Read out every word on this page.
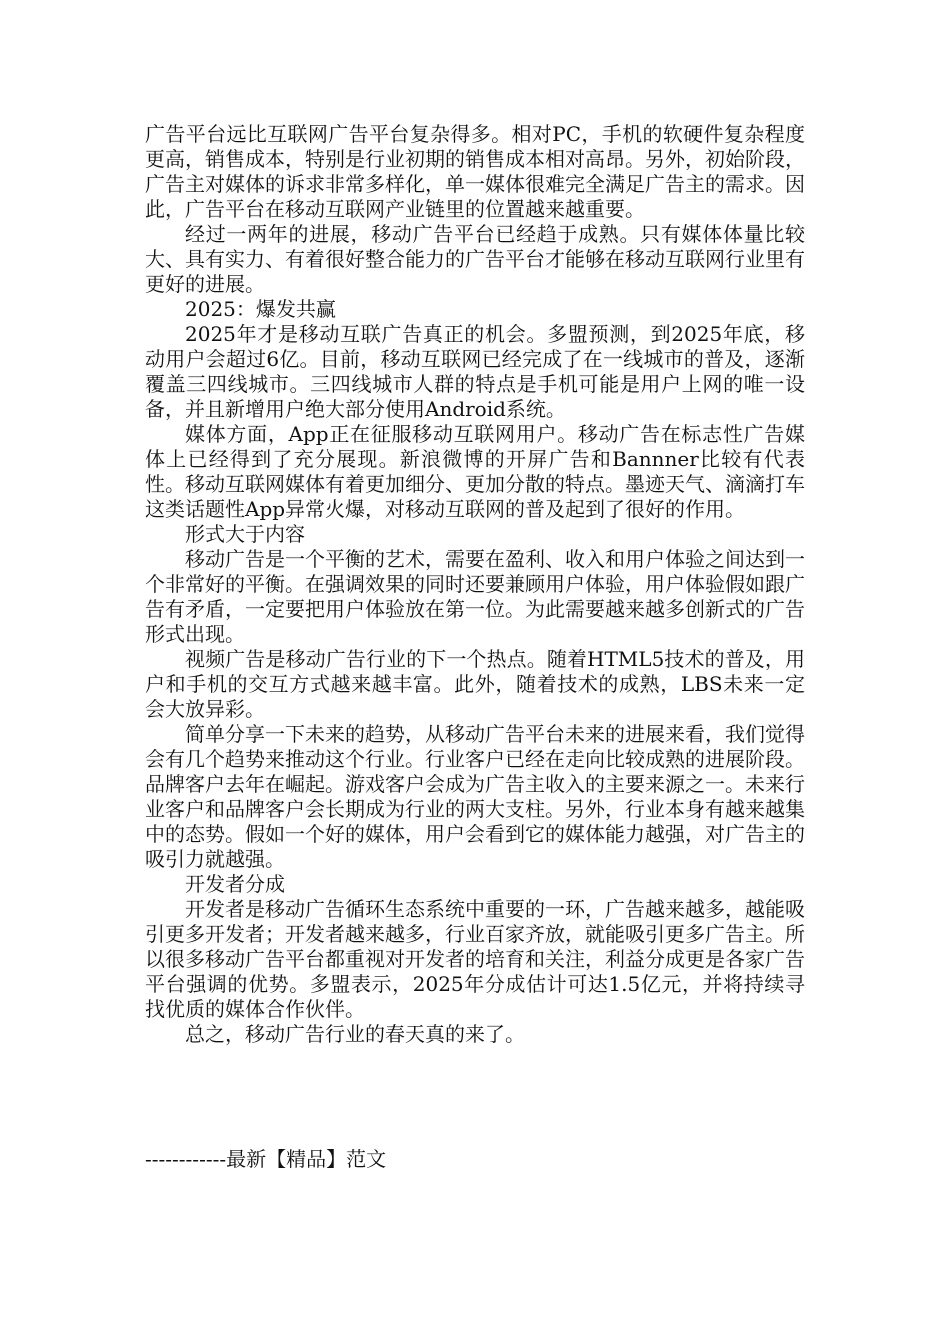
广告平台远比互联网广告平台复杂得多。相对PC，手机的软硬件复杂程度更高，销售成本，特别是行业初期的销售成本相对高昂。另外，初始阶段，广告主对媒体的诉求非常多样化，单一媒体很难完全满足广告主的需求。因此，广告平台在移动互联网产业链里的位置越来越重要。

经过一两年的进展，移动广告平台已经趋于成熟。只有媒体体量比较大、具有实力、有着很好整合能力的广告平台才能够在移动互联网行业里有更好的进展。

2025：爆发共赢

2025年才是移动互联广告真正的机会。多盟预测，到2025年底，移动用户会超过6亿。目前，移动互联网已经完成了在一线城市的普及，逐渐覆盖三四线城市。三四线城市人群的特点是手机可能是用户上网的唯一设备，并且新增用户绝大部分使用Android系统。

媒体方面，App正在征服移动互联网用户。移动广告在标志性广告媒体上已经得到了充分展现。新浪微博的开屏广告和Bannner比较有代表性。移动互联网媒体有着更加细分、更加分散的特点。墨迹天气、滴滴打车这类话题性App异常火爆，对移动互联网的普及起到了很好的作用。

形式大于内容

移动广告是一个平衡的艺术，需要在盈利、收入和用户体验之间达到一个非常好的平衡。在强调效果的同时还要兼顾用户体验，用户体验假如跟广告有矛盾，一定要把用户体验放在第一位。为此需要越来越多创新式的广告形式出现。

视频广告是移动广告行业的下一个热点。随着HTML5技术的普及，用户和手机的交互方式越来越丰富。此外，随着技术的成熟，LBS未来一定会大放异彩。

简单分享一下未来的趋势，从移动广告平台未来的进展来看，我们觉得会有几个趋势来推动这个行业。行业客户已经在走向比较成熟的进展阶段。品牌客户去年在崛起。游戏客户会成为广告主收入的主要来源之一。未来行业客户和品牌客户会长期成为行业的两大支柱。另外，行业本身有越来越集中的态势。假如一个好的媒体，用户会看到它的媒体能力越强，对广告主的吸引力就越强。

开发者分成

开发者是移动广告循环生态系统中重要的一环，广告越来越多，越能吸引更多开发者；开发者越来越多，行业百家齐放，就能吸引更多广告主。所以很多移动广告平台都重视对开发者的培育和关注，利益分成更是各家广告平台强调的优势。多盟表示，2025年分成估计可达1.5亿元，并将持续寻找优质的媒体合作伙伴。

总之，移动广告行业的春天真的来了。

------------最新【精品】范文
